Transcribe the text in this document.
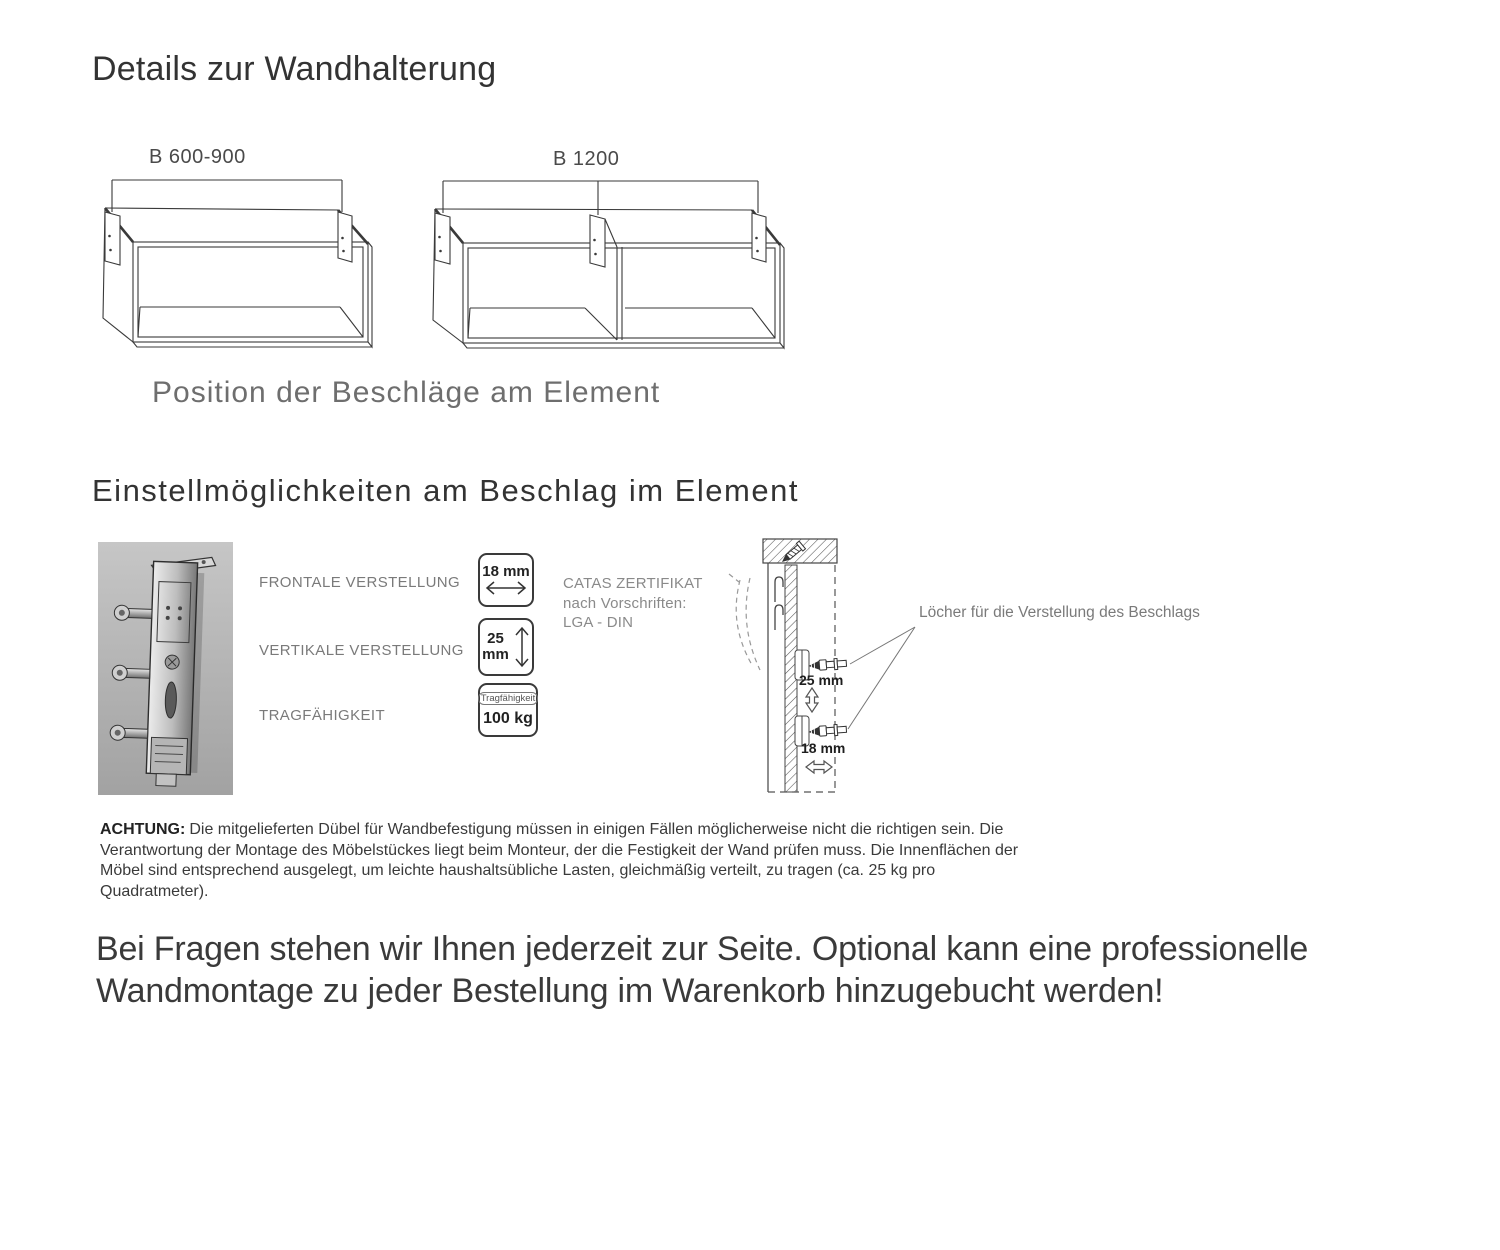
Details zur Wandhalterung
B 600-900	B 1200
Position der Beschläge am Element
Einstellmöglichkeiten am Beschlag im Element
FRONTALE VERSTELLUNG
VERTIKALE VERSTELLUNG
TRAGFÄHIGKEIT
18 mm
25
mm
Tragfähigkeit
100 kg
CATAS ZERTIFIKAT
nach Vorschriften:
LGA - DIN
25 mm
18 mm
Löcher für die Verstellung des Beschlags
ACHTUNG: Die mitgelieferten Dübel für Wandbefestigung müssen in einigen Fällen möglicherweise nicht die richtigen sein. Die Verantwortung der Montage des Möbelstückes liegt beim Monteur, der die Festigkeit der Wand prüfen muss. Die Innenflächen der Möbel sind entsprechend ausgelegt, um leichte haushaltsübliche Lasten, gleichmäßig verteilt, zu tragen (ca. 25 kg pro Quadratmeter).
Bei Fragen stehen wir Ihnen jederzeit zur Seite. Optional kann eine professionelle Wandmontage zu jeder Bestellung im Warenkorb hinzugebucht werden!
